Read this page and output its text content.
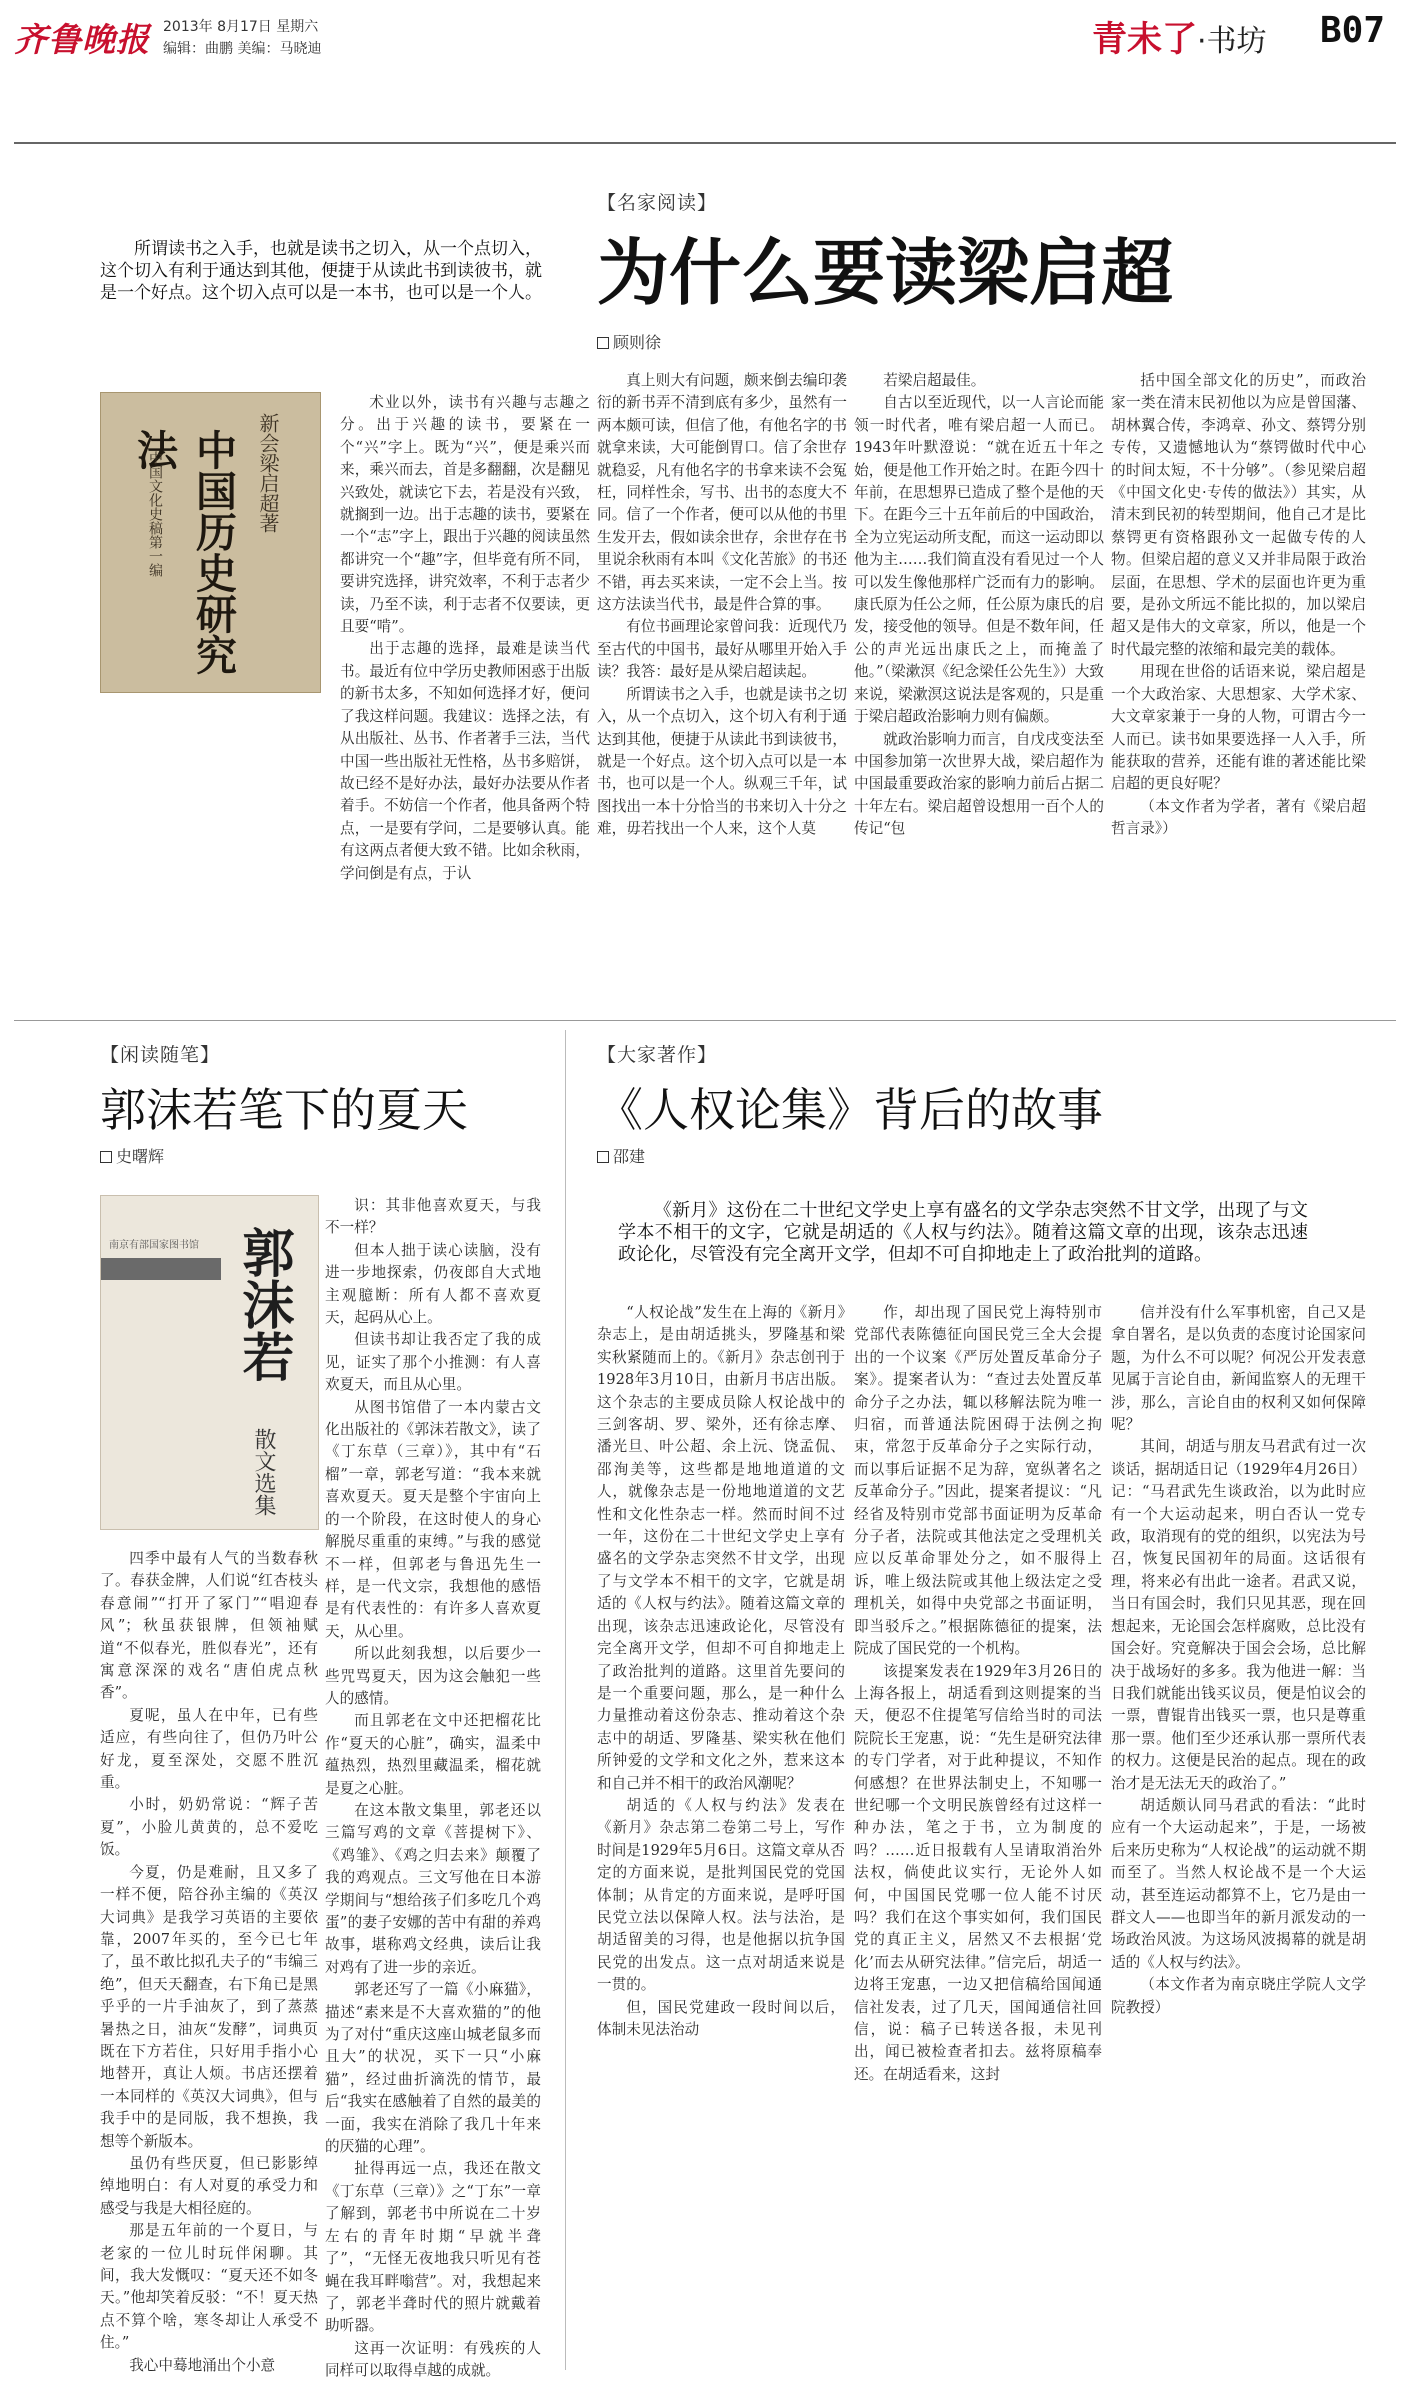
齐鲁晚报 2013年 8月17日 星期六
编辑：曲鹏 美编：马晓迪	青未了·书坊 B07
【名家阅读】
为什么要读梁启超
顾则徐

所谓读书之入手，也就是读书之切入，从一个点切入，这个切入有利于通达到其他，便捷于从读此书到读彼书，就是一个好点。这个切入点可以是一本书，也可以是一个人。

新会梁启超著
中国历史研究法
中国文化史稿第一编

术业以外，读书有兴趣与志趣之分。出于兴趣的读书，要紧在一个“兴”字上。既为“兴”，便是乘兴而来，乘兴而去，首是多翻翻，次是翻见兴致处，就读它下去，若是没有兴致，就搁到一边。出于志趣的读书，要紧在一个“志”字上，跟出于兴趣的阅读虽然都讲究一个“趣”字，但毕竟有所不同，要讲究选择，讲究效率，不利于志者少读，乃至不读，利于志者不仅要读，更且要“啃”。

出于志趣的选择，最难是读当代书。最近有位中学历史教师困惑于出版的新书太多，不知如何选择才好，便问了我这样问题。我建议：选择之法，有从出版社、丛书、作者著手三法，当代中国一些出版社无性格，丛书多赔饼，故已经不是好办法，最好办法要从作者着手。不妨信一个作者，他具备两个特点，一是要有学问，二是要够认真。能有这两点者便大致不错。比如余秋雨，学问倒是有点，于认

真上则大有问题，颇来倒去编印袭衍的新书弄不清到底有多少，虽然有一两本颇可读，但信了他，有他名字的书就拿来读，大可能倒胃口。信了余世存就稳妥，凡有他名字的书拿来读不会冤枉，同样性余，写书、出书的态度大不同。信了一个作者，便可以从他的书里生发开去，假如读余世存，余世存在书里说余秋雨有本叫《文化苦旅》的书还不错，再去买来读，一定不会上当。按这方法读当代书，最是件合算的事。

有位书画理论家曾问我：近现代乃至古代的中国书，最好从哪里开始入手读？我答：最好是从梁启超读起。

所谓读书之入手，也就是读书之切入，从一个点切入，这个切入有利于通达到其他，便捷于从读此书到读彼书，就是一个好点。这个切入点可以是一本书，也可以是一个人。纵观三千年，试图找出一本十分恰当的书来切入十分之难，毋若找出一个人来，这个人莫

若梁启超最佳。

自古以至近现代，以一人言论而能领一时代者，唯有梁启超一人而已。1943年叶默澄说：“就在近五十年之始，便是他工作开始之时。在距今四十年前，在思想界已造成了整个是他的天下。在距今三十五年前后的中国政治，全为立宪运动所支配，而这一运动即以他为主……我们简直没有看见过一个人可以发生像他那样广泛而有力的影响。康氏原为任公之师，任公原为康氏的启发，接受他的领导。但是不数年间，任公的声光远出康氏之上，而掩盖了他。”（梁漱溟《纪念梁任公先生》）大致来说，梁漱溟这说法是客观的，只是重于梁启超政治影响力则有偏颇。

就政治影响力而言，自戊戌变法至中国参加第一次世界大战，梁启超作为中国最重要政治家的影响力前后占据二十年左右。梁启超曾设想用一百个人的传记“包

括中国全部文化的历史”，而政治家一类在清末民初他以为应是曾国藩、胡林翼合传，李鸿章、孙文、蔡锷分别专传，又遗憾地认为“蔡锷做时代中心的时间太短，不十分够”。（参见梁启超《中国文化史·专传的做法》）其实，从清末到民初的转型期间，他自己才是比蔡锷更有资格跟孙文一起做专传的人物。但梁启超的意义又并非局限于政治层面，在思想、学术的层面也许更为重要，是孙文所远不能比拟的，加以梁启超又是伟大的文章家，所以，他是一个时代最完整的浓缩和最完美的载体。

用现在世俗的话语来说，梁启超是一个大政治家、大思想家、大学术家、大文章家兼于一身的人物，可谓古今一人而已。读书如果要选择一人入手，所能获取的营养，还能有谁的著述能比梁启超的更良好呢？

（本文作者为学者，著有《梁启超哲言录》）

【闲读随笔】
郭沫若笔下的夏天
史曙辉
南京有部国家图书馆 郭沫若
散文选集

四季中最有人气的当数春秋了。春获金牌，人们说“红杏枝头春意闹”“打开了冢门”“唱迎春风”；秋虽获银牌，但领袖赋道“不似春光，胜似春光”，还有寓意深深的戏名“唐伯虎点秋香”。

夏呢，虽人在中年，已有些适应，有些向往了，但仍乃叶公好龙，夏至深处，交愿不胜沉重。

小时，奶奶常说：“辉子苦夏”，小脸儿黄黄的，总不爱吃饭。

今夏，仍是难耐，且又多了一样不便，陪谷孙主编的《英汉大词典》是我学习英语的主要依靠，2007年买的，至今已七年了，虽不敢比拟孔夫子的“韦编三绝”，但天天翻查，右下角已是黑乎乎的一片手油灰了，到了蒸蒸暑热之日，油灰“发酵”，词典页既在下方若住，只好用手指小心地替开，真让人烦。书店还摆着一本同样的《英汉大词典》，但与我手中的是同版，我不想换，我想等个新版本。

虽仍有些厌夏，但已影影绰绰地明白：有人对夏的承受力和感受与我是大相径庭的。

那是五年前的一个夏日，与老家的一位儿时玩伴闲聊。其间，我大发慨叹：“夏天还不如冬天。”他却笑着反驳：“不！夏天热点不算个啥，寒冬却让人承受不住。”

我心中蓦地涌出个小意

识：其非他喜欢夏天，与我不一样？

但本人拙于读心读脑，没有进一步地探索，仍夜郎自大式地主观臆断：所有人都不喜欢夏天，起码从心上。

但读书却让我否定了我的成见，证实了那个小推测：有人喜欢夏天，而且从心里。

从图书馆借了一本内蒙古文化出版社的《郭沫若散文》，读了《丁东草（三章）》，其中有“石榴”一章，郭老写道：“我本来就喜欢夏天。夏天是整个宇宙向上的一个阶段，在这时使人的身心解脱尽重重的束缚。”与我的感觉不一样，但郭老与鲁迅先生一样，是一代文宗，我想他的感悟是有代表性的：有许多人喜欢夏天，从心里。

所以此刻我想，以后要少一些咒骂夏天，因为这会触犯一些人的感情。

而且郭老在文中还把榴花比作“夏天的心脏”，确实，温柔中蕴热烈，热烈里藏温柔，榴花就是夏之心脏。

在这本散文集里，郭老还以三篇写鸡的文章《菩提树下》、《鸡雏》、《鸡之归去来》颠覆了我的鸡观点。三文写他在日本游学期间与“想给孩子们多吃几个鸡蛋”的妻子安娜的苦中有甜的养鸡故事，堪称鸡文经典，读后让我对鸡有了进一步的亲近。

郭老还写了一篇《小麻猫》，描述“素来是不大喜欢猫的”的他为了对付“重庆这座山城老鼠多而且大”的状况，买下一只“小麻猫”，经过曲折滴洗的情节，最后“我实在感触着了自然的最美的一面，我实在消除了我几十年来的厌猫的心理”。

扯得再远一点，我还在散文《丁东草（三章）》之“丁东”一章了解到，郭老书中所说在二十岁左右的青年时期“早就半聋了”，“无怪无夜地我只听见有苍蝇在我耳畔嗡营”。对，我想起来了，郭老半聋时代的照片就戴着助听器。

这再一次证明：有残疾的人同样可以取得卓越的成就。

【大家著作】
《人权论集》背后的故事
邵建

《新月》这份在二十世纪文学史上享有盛名的文学杂志突然不甘文学，出现了与文学本不相干的文字，它就是胡适的《人权与约法》。随着这篇文章的出现，该杂志迅速政论化，尽管没有完全离开文学，但却不可自抑地走上了政治批判的道路。

“人权论战”发生在上海的《新月》杂志上，是由胡适挑头，罗隆基和梁实秋紧随而上的。《新月》杂志创刊于1928年3月10日，由新月书店出版。这个杂志的主要成员除人权论战中的三剑客胡、罗、梁外，还有徐志摩、潘光旦、叶公超、余上沅、饶孟侃、邵洵美等，这些都是地地道道的文人，就像杂志是一份地地道道的文艺性和文化性杂志一样。然而时间不过一年，这份在二十世纪文学史上享有盛名的文学杂志突然不甘文学，出现了与文学本不相干的文字，它就是胡适的《人权与约法》。随着这篇文章的出现，该杂志迅速政论化，尽管没有完全离开文学，但却不可自抑地走上了政治批判的道路。这里首先要问的是一个重要问题，那么，是一种什么力量推动着这份杂志、推动着这个杂志中的胡适、罗隆基、梁实秋在他们所钟爱的文学和文化之外，惹来这本和自己并不相干的政治风潮呢？

胡适的《人权与约法》发表在《新月》杂志第二卷第二号上，写作时间是1929年5月6日。这篇文章从否定的方面来说，是批判国民党的党国体制；从肯定的方面来说，是呼吁国民党立法以保障人权。法与法治，是胡适留美的习得，也是他据以抗争国民党的出发点。这一点对胡适来说是一贯的。

但，国民党建政一段时间以后，体制未见法治动

作，却出现了国民党上海特别市党部代表陈德征向国民党三全大会提出的一个议案《严厉处置反革命分子案》。提案者认为：“查过去处置反革命分子之办法，辄以移解法院为唯一归宿，而普通法院困碍于法例之拘束，常忽于反革命分子之实际行动，而以事后证据不足为辞，宽纵著名之反革命分子。”因此，提案者提议：“凡经省及特别市党部书面证明为反革命分子者，法院或其他法定之受理机关应以反革命罪处分之，如不服得上诉，唯上级法院或其他上级法定之受理机关，如得中央党部之书面证明，即当驳斥之。”根据陈德征的提案，法院成了国民党的一个机构。

该提案发表在1929年3月26日的上海各报上，胡适看到这则提案的当天，便忍不住提笔写信给当时的司法院院长王宠惠，说：“先生是研究法律的专门学者，对于此种提议，不知作何感想？在世界法制史上，不知哪一世纪哪一个文明民族曾经有过这样一种办法，笔之于书，立为制度的吗？……近日报载有人呈请取消治外法权，倘使此议实行，无论外人如何，中国国民党哪一位人能不讨厌吗？我们在这个事实如何，我们国民党的真正主义，居然又不去根据‘党化’而去从研究法律。”信完后，胡适一边将王宠惠，一边又把信稿给国闻通信社发表，过了几天，国闻通信社回信，说：稿子已转送各报，未见刊出，闻已被检查者扣去。兹将原稿奉还。在胡适看来，这封

信并没有什么军事机密，自己又是拿自署名，是以负责的态度讨论国家问题，为什么不可以呢？何况公开发表意见属于言论自由，新闻监察人的无理干涉，那么，言论自由的权利又如何保障呢？

其间，胡适与朋友马君武有过一次谈话，据胡适日记（1929年4月26日）记：“马君武先生谈政治，以为此时应有一个大运动起来，明白否认一党专政，取消现有的党的组织，以宪法为号召，恢复民国初年的局面。这话很有理，将来必有出此一途者。君武又说，当日有国会时，我们只见其恶，现在回想起来，无论国会怎样腐败，总比没有国会好。究竟解决于国会会场，总比解决于战场好的多多。我为他进一解：当日我们就能出钱买议员，便是怕议会的一票，曹锟肯出钱买一票，也只是尊重那一票。他们至少还承认那一票所代表的权力。这便是民治的起点。现在的政治才是无法无天的政治了。”

胡适颇认同马君武的看法：“此时应有一个大运动起来”，于是，一场被后来历史称为“人权论战”的运动就不期而至了。当然人权论战不是一个大运动，甚至连运动都算不上，它乃是由一群文人——也即当年的新月派发动的一场政治风波。为这场风波揭幕的就是胡适的《人权与约法》。

（本文作者为南京晓庄学院人文学院教授）
